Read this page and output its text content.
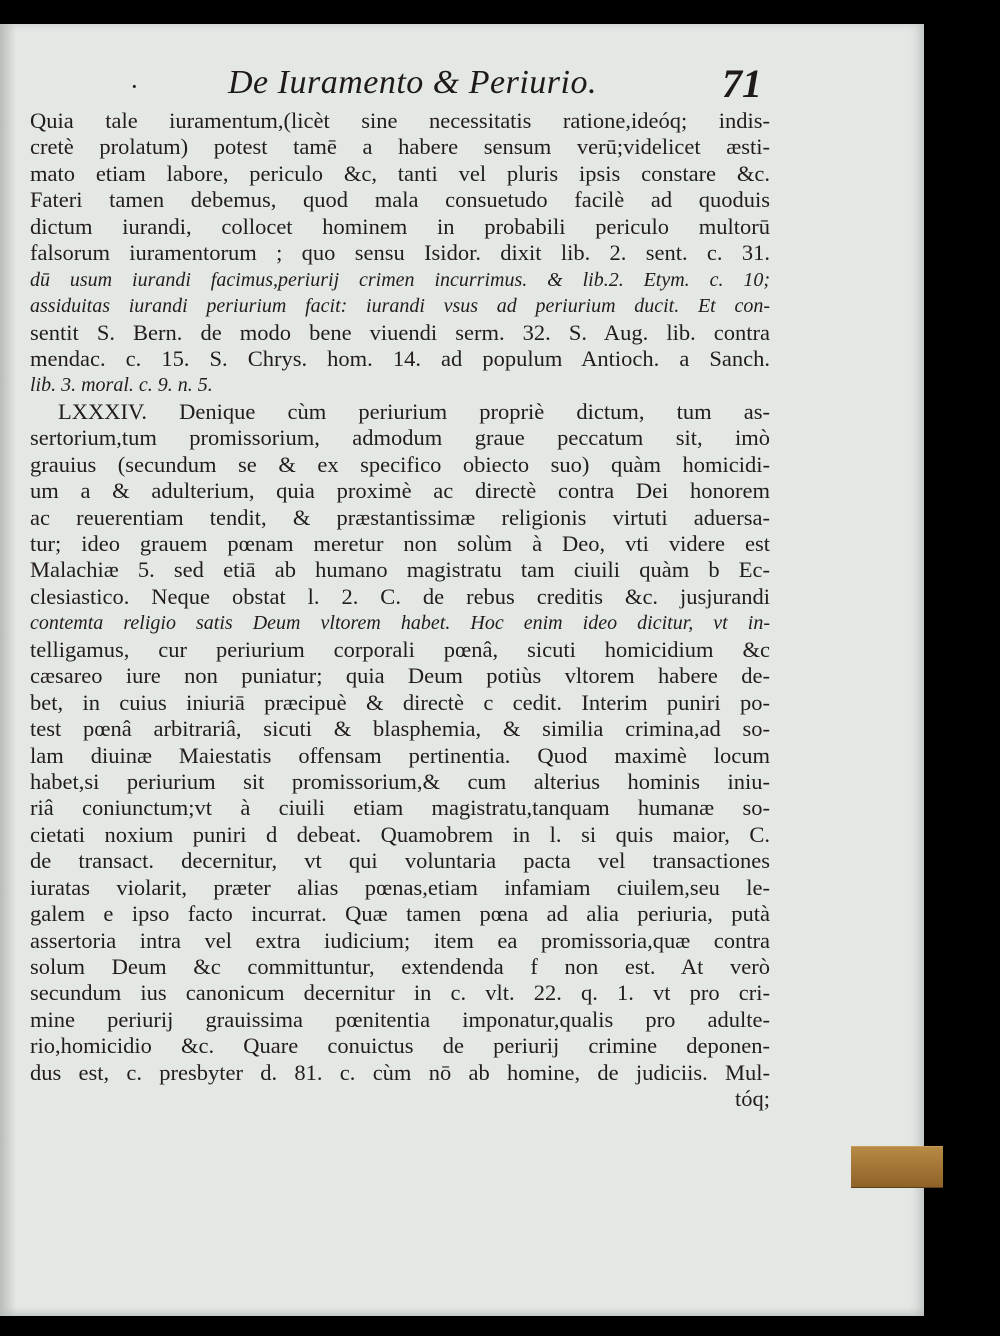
·	De Iuramento & Periurio.	71
Quia tale iuramentum,(licèt sine necessitatis ratione,ideóq; indis-
cretè prolatum) potest tamē a habere sensum verū;videlicet æsti-
mato etiam labore, periculo &c, tanti vel pluris ipsis constare &c.
Fateri tamen debemus, quod mala consuetudo facilè ad quoduis
dictum iurandi, collocet hominem in probabili periculo multorū
falsorum iuramentorum ; quo sensu Isidor. dixit lib. 2. sent. c. 31.
dū usum iurandi facimus,periurij crimen incurrimus. & lib.2. Etym. c. 10;
assiduitas iurandi periurium facit: iurandi vsus ad periurium ducit. Et con-
sentit S. Bern. de modo bene viuendi serm. 32. S. Aug. lib. contra
mendac. c. 15. S. Chrys. hom. 14. ad populum Antioch. a Sanch.
lib. 3. moral. c. 9. n. 5.
LXXXIV. Denique cùm periurium propriè dictum, tum as-
sertorium,tum promissorium, admodum graue peccatum sit, imò
grauius (secundum se & ex specifico obiecto suo) quàm homicidi-
um a & adulterium, quia proximè ac directè contra Dei honorem
ac reuerentiam tendit, & præstantissimæ religionis virtuti aduersa-
tur; ideo grauem pœnam meretur non solùm à Deo, vti videre est
Malachiæ 5. sed etiā ab humano magistratu tam ciuili quàm b Ec-
clesiastico. Neque obstat l. 2. C. de rebus creditis &c. jusjurandi
contemta religio satis Deum vltorem habet. Hoc enim ideo dicitur, vt in-
telligamus, cur periurium corporali pœnâ, sicuti homicidium &c
cæsareo iure non puniatur; quia Deum potiùs vltorem habere de-
bet, in cuius iniuriā præcipuè & directè c cedit. Interim puniri po-
test pœnâ arbitrariâ, sicuti & blasphemia, & similia crimina,ad so-
lam diuinæ Maiestatis offensam pertinentia. Quod maximè locum
habet,si periurium sit promissorium,& cum alterius hominis iniu-
riâ coniunctum;vt à ciuili etiam magistratu,tanquam humanæ so-
cietati noxium puniri d debeat. Quamobrem in l. si quis maior, C.
de transact. decernitur, vt qui voluntaria pacta vel transactiones
iuratas violarit, præter alias pœnas,etiam infamiam ciuilem,seu le-
galem e ipso facto incurrat. Quæ tamen pœna ad alia periuria, putà
assertoria intra vel extra iudicium; item ea promissoria,quæ contra
solum Deum &c committuntur, extendenda f non est. At verò
secundum ius canonicum decernitur in c. vlt. 22. q. 1. vt pro cri-
mine periurij grauissima pœnitentia imponatur,qualis pro adulte-
rio,homicidio &c. Quare conuictus de periurij crimine deponen-
dus est, c. presbyter d. 81. c. cùm nō ab homine, de judiciis. Mul-
tóq;
